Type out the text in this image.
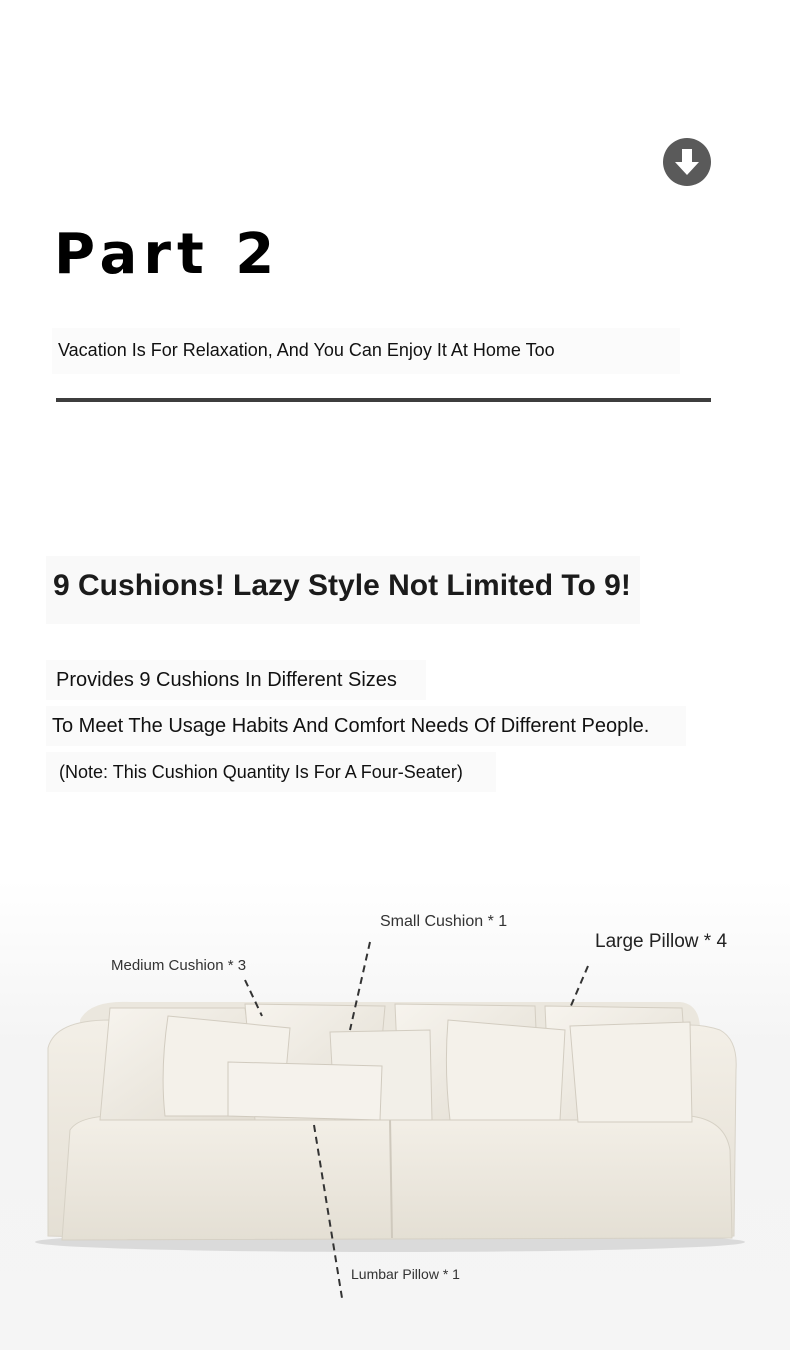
Part 2
Vacation Is For Relaxation, And You Can Enjoy It At Home Too
9 Cushions! Lazy Style Not Limited To 9!
Provides 9 Cushions In Different Sizes
To Meet The Usage Habits And Comfort Needs Of Different People.
(Note: This Cushion Quantity Is For A Four-Seater)
Medium Cushion * 3
Small Cushion * 1
Large Pillow * 4
Lumbar Pillow * 1
